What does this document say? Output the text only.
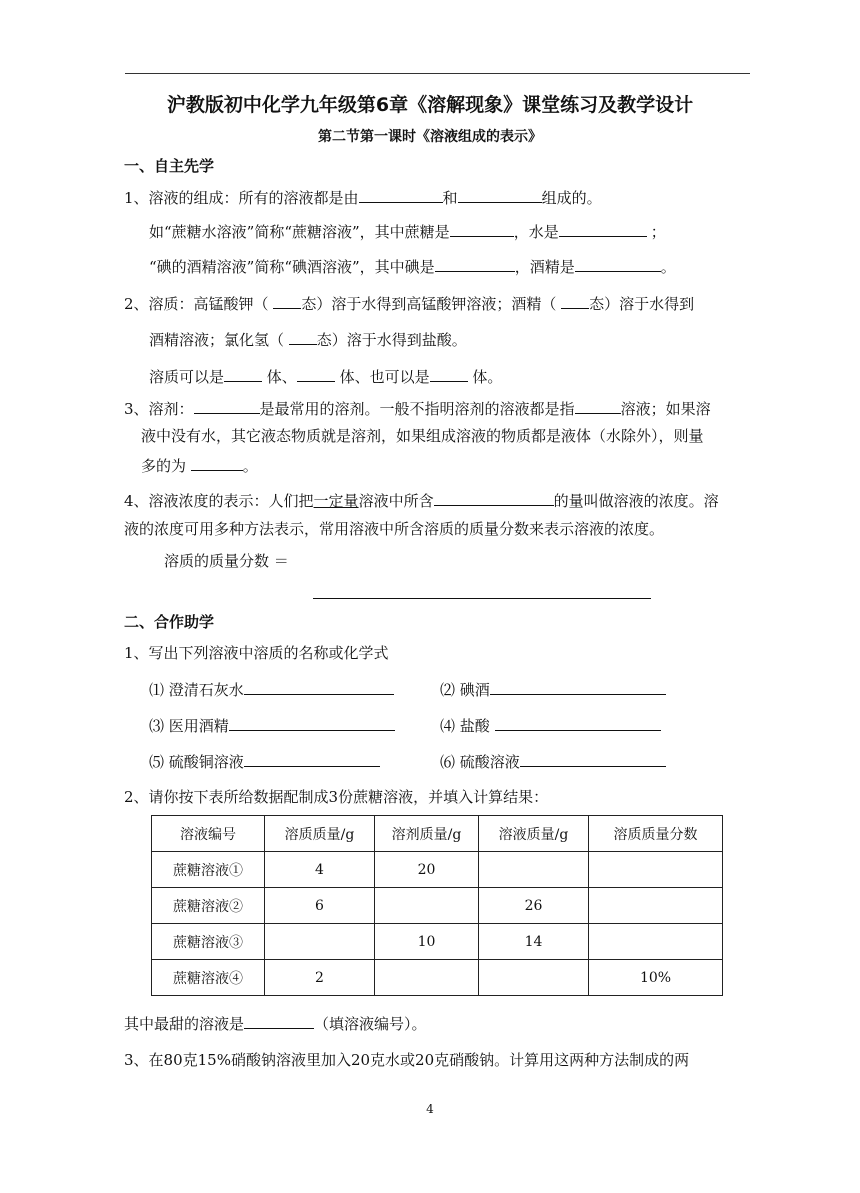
沪教版初中化学九年级第6章《溶解现象》课堂练习及教学设计
第二节第一课时《溶液组成的表示》
一、自主先学
1、溶液的组成：所有的溶液都是由	和	组成的。
如“蔗糖水溶液”简称“蔗糖溶液”，其中蔗糖是	，水是	；
“碘的酒精溶液”简称“碘酒溶液”，其中碘是	，酒精是	。
2、溶质：高锰酸钾（ 态）溶于水得到高锰酸钾溶液；酒精（ 态）溶于水得到
酒精溶液；氯化氢（ 态）溶于水得到盐酸。
溶质可以是	体、	体、也可以是	体。
3、溶剂：	是最常用的溶剂。一般不指明溶剂的溶液都是指	溶液；如果溶
液中没有水，其它液态物质就是溶剂，如果组成溶液的物质都是液体（水除外），则量
多的为	。
4、溶液浓度的表示：人们把一定量溶液中所含	的量叫做溶液的浓度。溶
液的浓度可用多种方法表示，常用溶液中所含溶质的质量分数来表示溶液的浓度。
溶质的质量分数 ＝
二、合作助学
1、写出下列溶液中溶质的名称或化学式
⑴ 澄清石灰水	⑵ 碘酒
⑶ 医用酒精	⑷ 盐酸
⑸ 硫酸铜溶液	⑹ 硫酸溶液
2、请你按下表所给数据配制成3份蔗糖溶液，并填入计算结果：
溶液编号	溶质质量/g	溶剂质量/g	溶液质量/g	溶质质量分数
蔗糖溶液①	4	20		
蔗糖溶液②	6		26	
蔗糖溶液③		10	14	
蔗糖溶液④	2			10%
其中最甜的溶液是	（填溶液编号）。
3、在80克15%硝酸钠溶液里加入20克水或20克硝酸钠。计算用这两种方法制成的两
4
